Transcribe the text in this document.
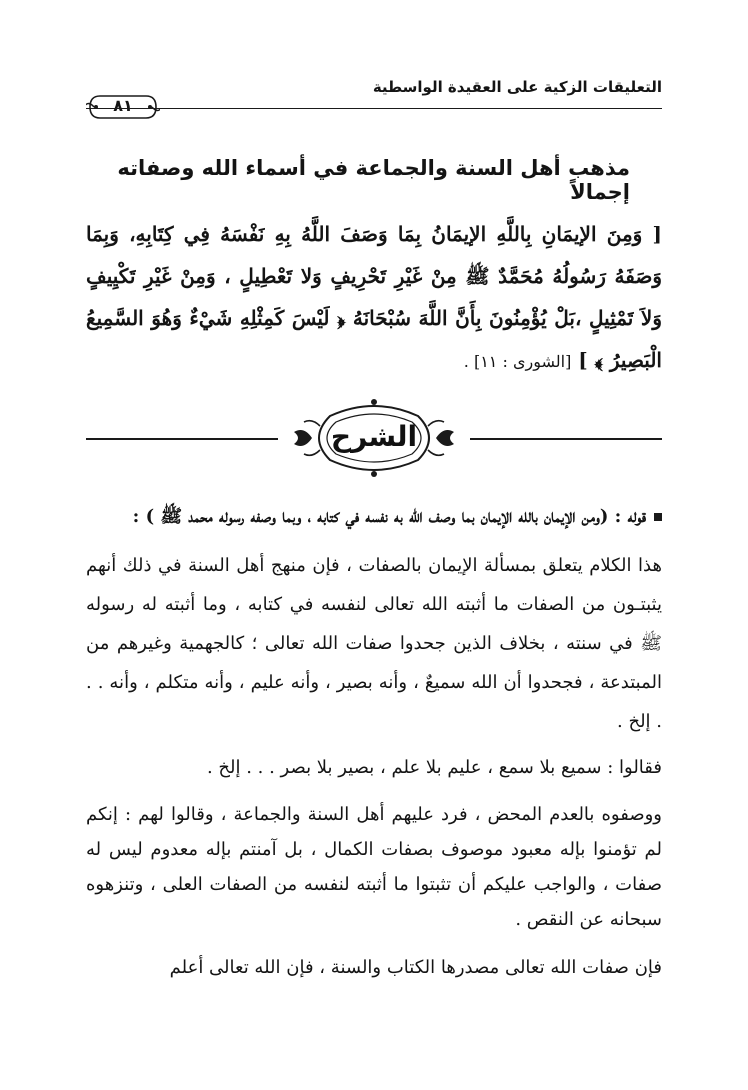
التعليقات الزكية على العقيدة الواسطية
٨١
مذهب أهل السنة والجماعة في أسماء الله وصفاته إجمالاً
[ وَمِنَ الإيمَانِ بِاللَّهِ الإيمَانُ بِمَا وَصَفَ اللَّهُ بِهِ نَفْسَهُ فِي كِتَابِهِ، وَبِمَا وَصَفَهُ رَسُولُهُ مُحَمَّدٌ ﷺ مِنْ غَيْرِ تَحْرِيفٍ وَلا تَعْطِيلٍ ، وَمِنْ غَيْرِ تَكْيِيفٍ وَلاَ تَمْثِيلٍ ،بَلْ يُؤْمِنُونَ بِأَنَّ اللَّهَ سُبْحَانَهُ ﴿ لَيْسَ كَمِثْلِهِ شَيْءٌ وَهُوَ السَّمِيعُ الْبَصِيرُ ﴾ ] [الشورى : ١١] .
الشرح

قوله : (ومن الإيمان بالله الإيمان بما وصف الله به نفسه في كتابه ، وبما وصفه رسوله محمد ﷺ ) :

هذا الكلام يتعلق بمسألة الإيمان بالصفات ، فإن منهج أهل السنة في ذلك أنهم يثبتـون من الصفات ما أثبته الله تعالى لنفسه في كتابه ، وما أثبته له رسوله ﷺ في سنته ، بخلاف الذين جحدوا صفات الله تعالى ؛ كالجهمية وغيرهم من المبتدعة ، فجحدوا أن الله سميعٌ ، وأنه بصير ، وأنه عليم ، وأنه متكلم ، وأنه . . . إلخ .

فقالوا : سميع بلا سمع ، عليم بلا علم ، بصير بلا بصر . . . إلخ .

ووصفوه بالعدم المحض ، فرد عليهم أهل السنة والجماعة ، وقالوا لهم : إنكم لم تؤمنوا بإله معبود موصوف بصفات الكمال ، بل آمنتم بإله معدوم ليس له صفات ، والواجب عليكم أن تثبتوا ما أثبته لنفسه من الصفات العلى ، وتنزهوه سبحانه عن النقص .

فإن صفات الله تعالى مصدرها الكتاب والسنة ، فإن الله تعالى أعلم
